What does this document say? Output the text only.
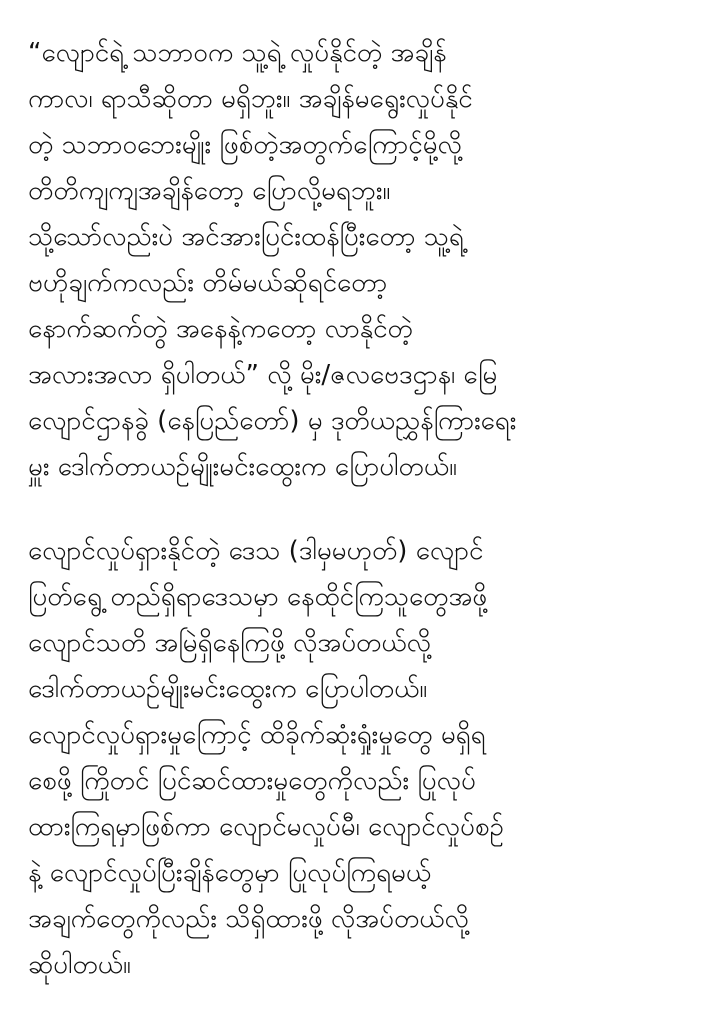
“လျောင်ရဲ့ သဘာဝက သူ့ရဲ့ လှုပ်နိုင်တဲ့ အချိန်
ကာလ၊ ရာသီဆိုတာ မရှိဘူး။ အချိန်မရွေးလှုပ်နိုင်
တဲ့ သဘာဝဘေးမျိုး ဖြစ်တဲ့အတွက်ကြောင့်မို့လို့
တိတိကျကျအချိန်တော့ ပြောလို့မရဘူး။
သို့သော်လည်းပဲ အင်အားပြင်းထန်ပြီးတော့ သူ့ရဲ့
ဗဟိုချက်ကလည်း တိမ်မယ်ဆိုရင်တော့
နောက်ဆက်တွဲ အနေနဲ့ကတော့ လာနိုင်တဲ့
အလားအလာ ရှိပါတယ်” လို့ မိုး/ဇလဗေဒဌာန၊ မြေ
လျောင်ဌာနခွဲ (နေပြည်တော်) မှ ဒုတိယညွှန်ကြားရေး
မှူး ဒေါက်တာယဉ်မျိုးမင်းထွေးက ပြောပါတယ်။
လျောင်လှုပ်ရှားနိုင်တဲ့ ဒေသ (ဒါမှမဟုတ်) လျောင်
ပြတ်ရွေ့ တည်ရှိရာဒေသမှာ နေထိုင်ကြသူတွေအဖို့
လျောင်သတိ အမြဲရှိနေကြဖို့ လိုအပ်တယ်လို့
ဒေါက်တာယဉ်မျိုးမင်းထွေးက ပြောပါတယ်။
လျောင်လှုပ်ရှားမှုကြောင့် ထိခိုက်ဆုံးရှုံးမှုတွေ မရှိရ
စေဖို့ ကြိုတင် ပြင်ဆင်ထားမှုတွေကိုလည်း ပြုလုပ်
ထားကြရမှာဖြစ်ကာ လျောင်မလှုပ်မီ၊ လျောင်လှုပ်စဉ်
နဲ့ လျောင်လှုပ်ပြီးချိန်တွေမှာ ပြုလုပ်ကြရမယ့်
အချက်တွေကိုလည်း သိရှိထားဖို့ လိုအပ်တယ်လို့
ဆိုပါတယ်။
